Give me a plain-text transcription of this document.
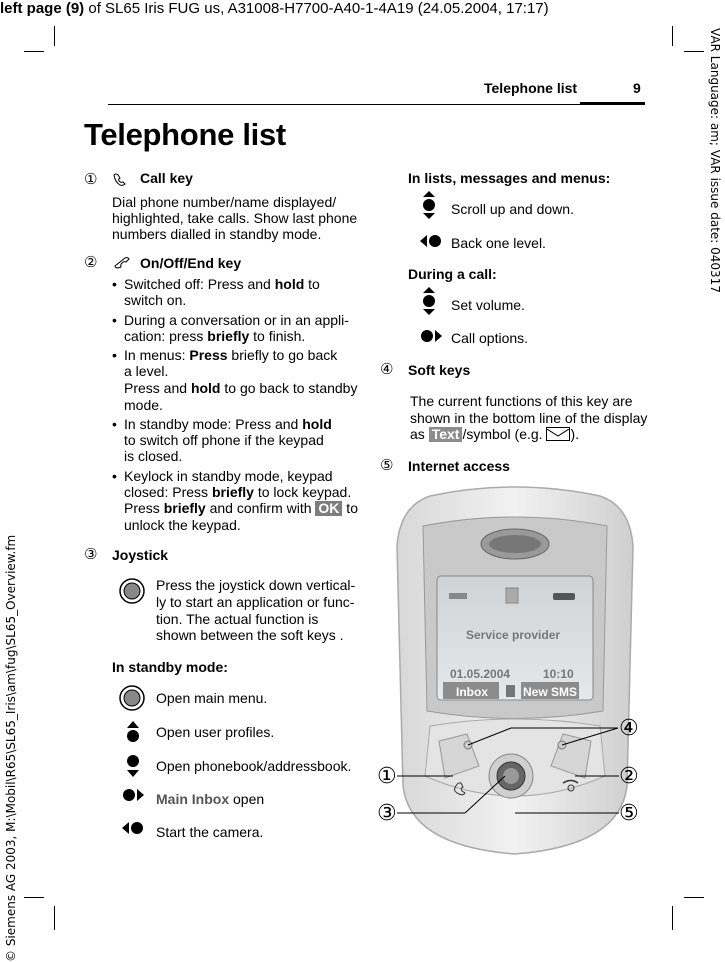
left page (9) of SL65 Iris FUG us, A31008-H7700-A40-1-4A19 (24.05.2004, 17:17)
VAR Language: am; VAR issue date: 040317
© Siemens AG 2003, M:\Mobil\R65\SL65_Iris\am\fug\SL65_Overview.fm
Telephone list	9
Telephone list
①	Call key
Dial phone number/name displayed/
highlighted, take calls. Show last phone
numbers dialled in standby mode.
②	On/Off/End key
• Switched off: Press and hold to
switch on.
• During a conversation or in an appli-
cation: press briefly to finish.
• In menus: Press briefly to go back
a level.
Press and hold to go back to standby
mode.
• In standby mode: Press and hold
to switch off phone if the keypad
is closed.
• Keylock in standby mode, keypad
closed: Press briefly to lock keypad.
Press briefly and confirm with OK to
unlock the keypad.
③ Joystick
Press the joystick down vertical-
ly to start an application or func-
tion. The actual function is
shown between the soft keys .
In standby mode:
Open main menu.
Open user profiles.
Open phonebook/addressbook.
Main Inbox open
Start the camera.
In lists, messages and menus:
Scroll up and down.
Back one level.
During a call:
Set volume.
Call options.
④ Soft keys
The current functions of this key are
shown in the bottom line of the display
as Text /symbol (e.g. ).
⑤ Internet access
Service provider
01.05.2004	10:10
Inbox	New SMS
④
①	②
③	⑤
